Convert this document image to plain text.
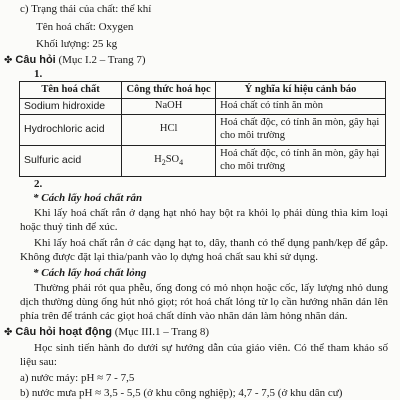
c) Trạng thái của chất: thể khí
Tên hoá chất: Oxygen
Khối lượng: 25 kg
✤ Câu hỏi (Mục I.2 – Trang 7)
1.
Tên hoá chất	Công thức hoá học	Ý nghĩa kí hiệu cảnh báo
Sodium hidroxide	NaOH	Hoá chất có tính ăn mòn
Hydrochloric acid	HCl	Hoá chất độc, có tính ăn mòn, gây hại cho môi trường
Sulfuric acid	$H_2SO_4$	Hoá chất độc, có tính ăn mòn, gây hại cho môi trường
2.
* Cách lấy hoá chất rắn
Khi lấy hoá chất rắn ở dạng hạt nhỏ hay bột ra khỏi lọ phải dùng thìa kim loại hoặc thuỷ tinh để xúc.
Khi lấy hoá chất rắn ở các dạng hạt to, dây, thanh có thể dụng panh/kẹp để gắp. Không được đặt lại thìa/panh vào lọ dựng hoá chất sau khi sử dụng.
* Cách lấy hoá chất lỏng
Thường phải rót qua phễu, ống đong có mỏ nhọn hoặc cốc, lấy lượng nhỏ dung dịch thường dùng ống hút nhỏ giọt; rót hoá chất lỏng từ lọ cần hướng nhãn dán lên phía trên để tránh các giọt hoá chất dính vào nhãn dán làm hỏng nhãn dán.
✤ Câu hỏi hoạt động (Mục III.1 – Trang 8)
Học sinh tiến hành đo dưới sự hướng dẫn của giáo viên. Có thể tham khảo số liệu sau:
a) nước máy: pH ≈ 7 - 7,5
b) nước mưa pH ≈ 3,5 - 5,5 (ở khu công nghiệp); 4,7 - 7,5 (ở khu dân cư)
